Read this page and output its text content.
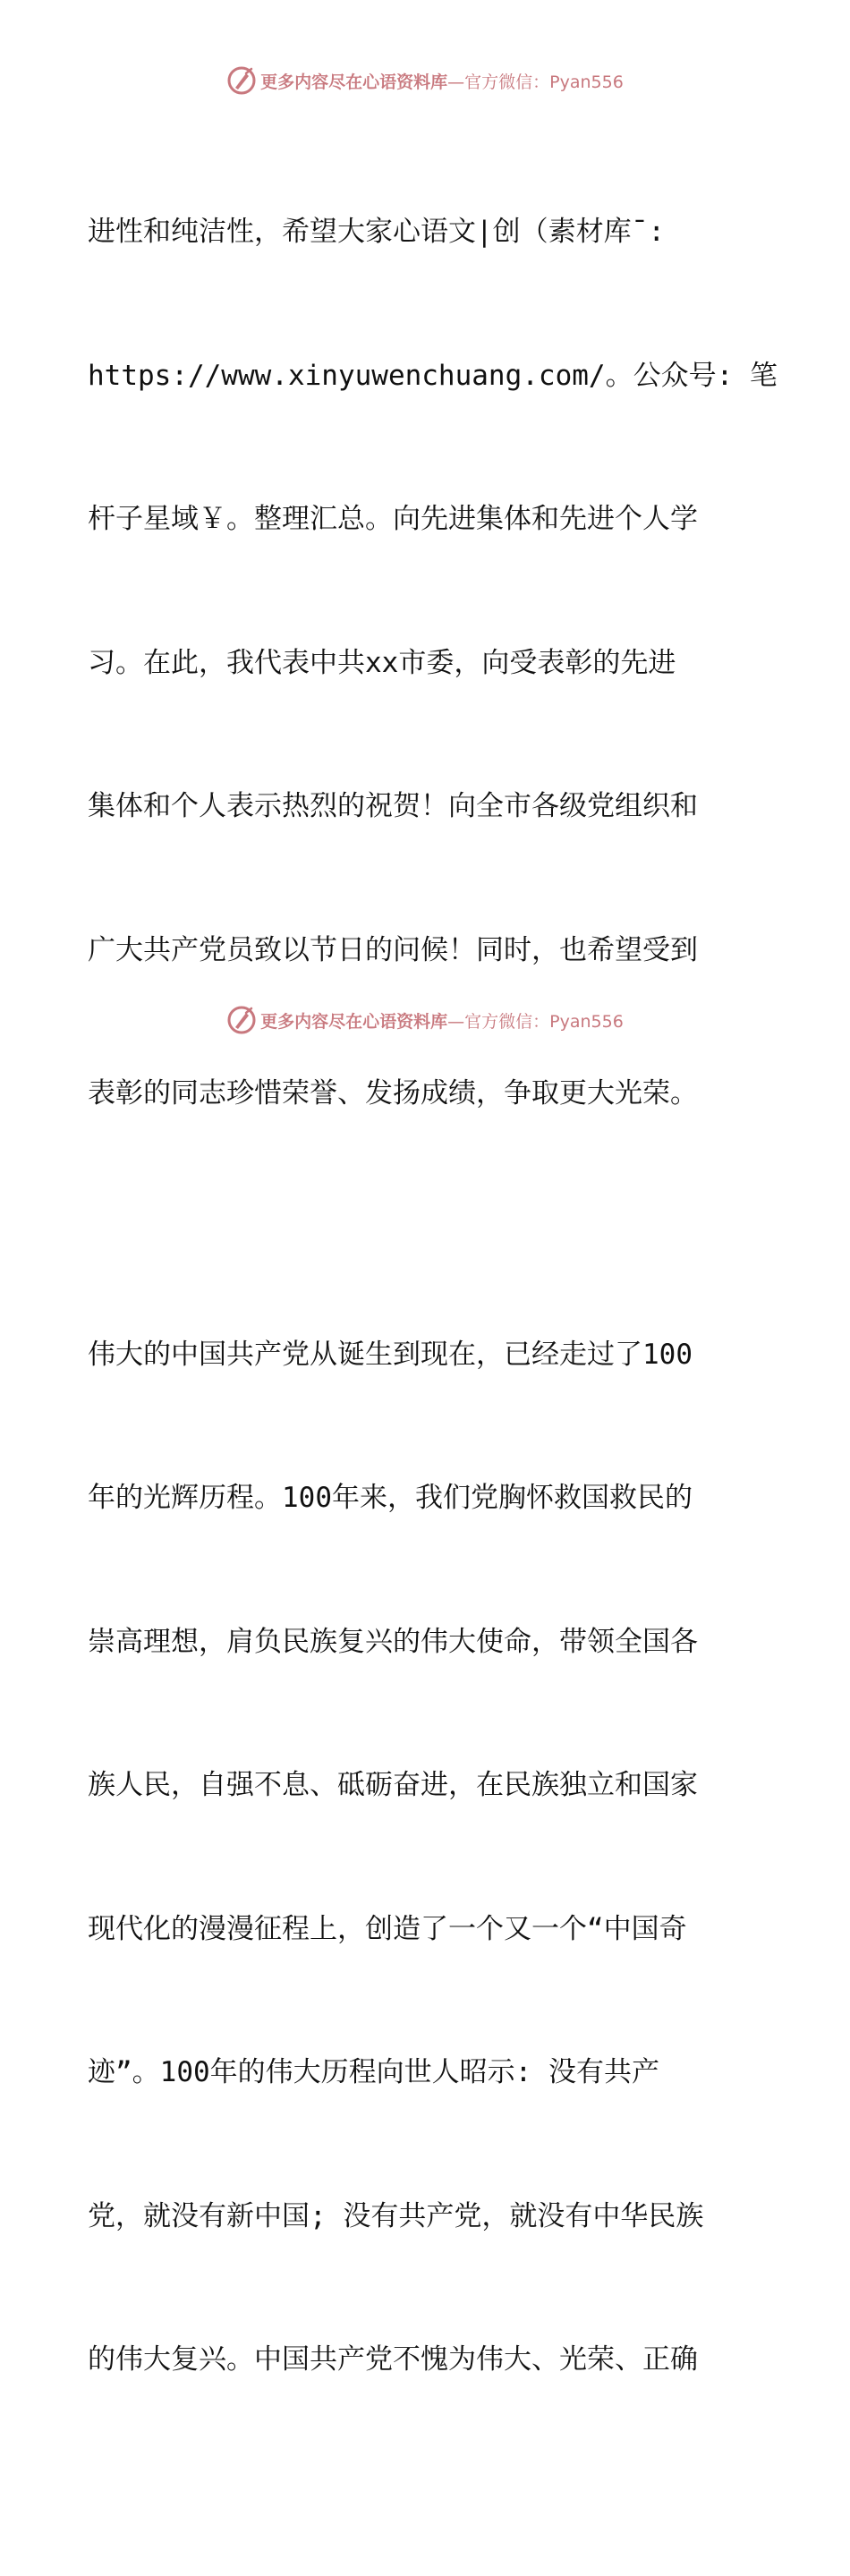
更多内容尽在心语资料库 —官方微信：Pyan556

进性和纯洁性，希望大家心语文|创（素材库¯:

https://www.xinyuwenchuang.com/。公众号: 笔

杆子星域￥。整理汇总。向先进集体和先进个人学

习。在此，我代表中共xx市委，向受表彰的先进

集体和个人表示热烈的祝贺！向全市各级党组织和

广大共产党员致以节日的问候！同时，也希望受到

表彰的同志珍惜荣誉、发扬成绩，争取更大光荣。

伟大的中国共产党从诞生到现在，已经走过了100

年的光辉历程。100年来，我们党胸怀救国救民的

崇高理想，肩负民族复兴的伟大使命，带领全国各

族人民，自强不息、砥砺奋进，在民族独立和国家

现代化的漫漫征程上，创造了一个又一个“中国奇

迹”。100年的伟大历程向世人昭示: 没有共产

党，就没有新中国; 没有共产党，就没有中华民族

的伟大复兴。中国共产党不愧为伟大、光荣、正确

更多内容尽在心语资料库 —官方微信：Pyan556
